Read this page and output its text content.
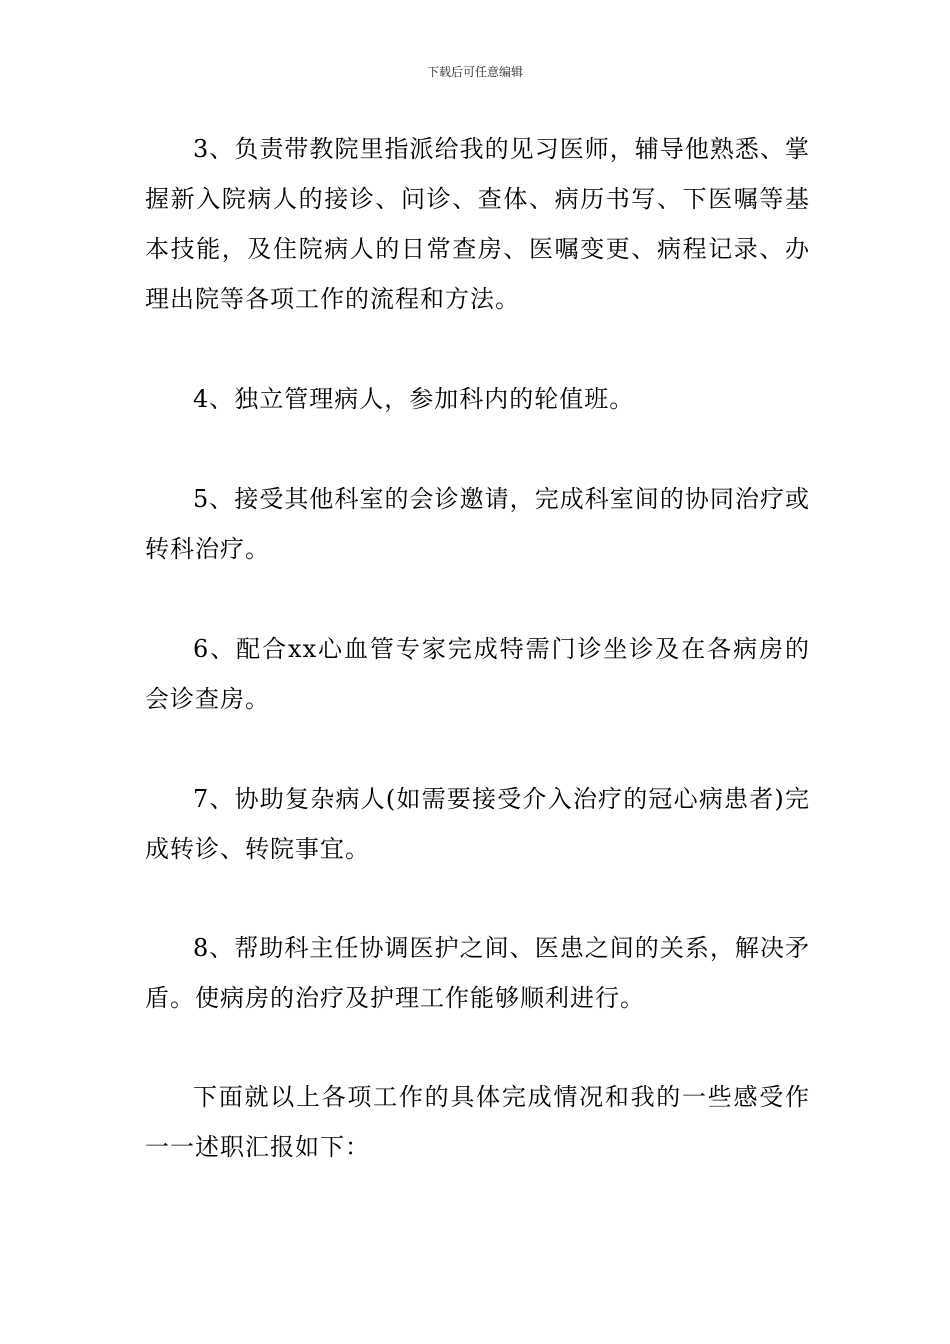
下载后可任意编辑

3、负责带教院里指派给我的见习医师，辅导他熟悉、掌握新入院病人的接诊、问诊、查体、病历书写、下医嘱等基本技能，及住院病人的日常查房、医嘱变更、病程记录、办理出院等各项工作的流程和方法。

4、独立管理病人，参加科内的轮值班。

5、接受其他科室的会诊邀请，完成科室间的协同治疗或转科治疗。

6、配合xx心血管专家完成特需门诊坐诊及在各病房的会诊查房。

7、协助复杂病人(如需要接受介入治疗的冠心病患者)完成转诊、转院事宜。

8、帮助科主任协调医护之间、医患之间的关系，解决矛盾。使病房的治疗及护理工作能够顺利进行。

下面就以上各项工作的具体完成情况和我的一些感受作一一述职汇报如下：
